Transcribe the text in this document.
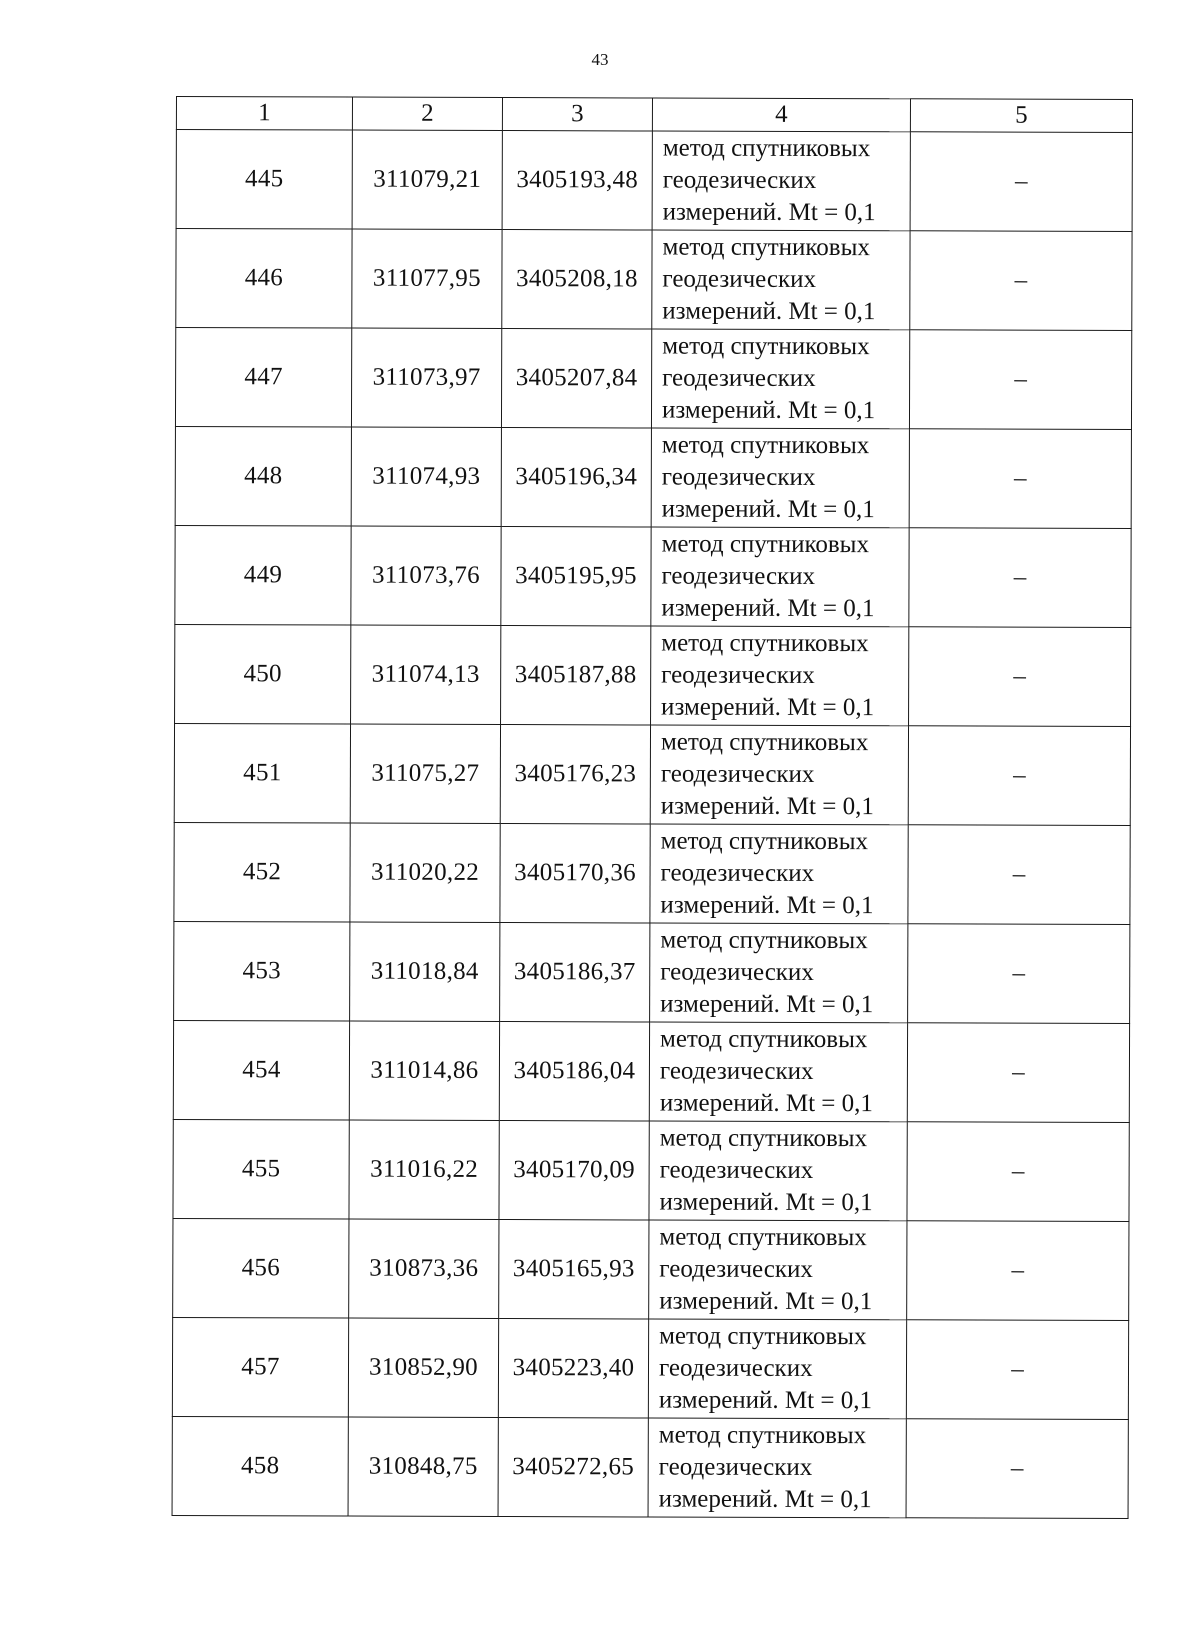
43
1	2	3	4	5
445	311079,21	3405193,48	метод спутниковых
геодезических
измерений. Mt = 0,1	–
446	311077,95	3405208,18	метод спутниковых
геодезических
измерений. Mt = 0,1	–
447	311073,97	3405207,84	метод спутниковых
геодезических
измерений. Mt = 0,1	–
448	311074,93	3405196,34	метод спутниковых
геодезических
измерений. Mt = 0,1	–
449	311073,76	3405195,95	метод спутниковых
геодезических
измерений. Mt = 0,1	–
450	311074,13	3405187,88	метод спутниковых
геодезических
измерений. Mt = 0,1	–
451	311075,27	3405176,23	метод спутниковых
геодезических
измерений. Mt = 0,1	–
452	311020,22	3405170,36	метод спутниковых
геодезических
измерений. Mt = 0,1	–
453	311018,84	3405186,37	метод спутниковых
геодезических
измерений. Mt = 0,1	–
454	311014,86	3405186,04	метод спутниковых
геодезических
измерений. Mt = 0,1	–
455	311016,22	3405170,09	метод спутниковых
геодезических
измерений. Mt = 0,1	–
456	310873,36	3405165,93	метод спутниковых
геодезических
измерений. Mt = 0,1	–
457	310852,90	3405223,40	метод спутниковых
геодезических
измерений. Mt = 0,1	–
458	310848,75	3405272,65	метод спутниковых
геодезических
измерений. Mt = 0,1	–
